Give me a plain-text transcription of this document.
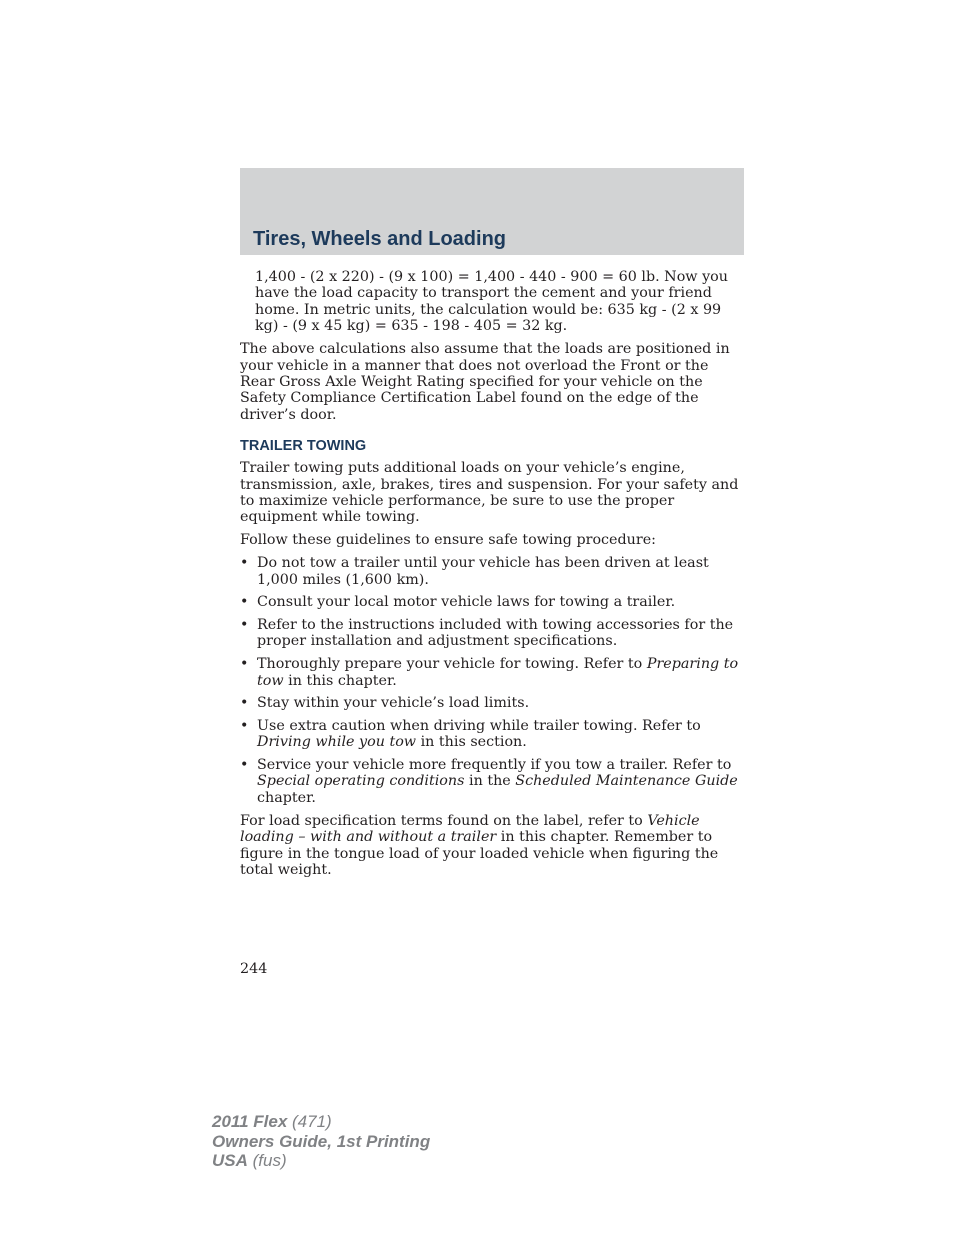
Tires, Wheels and Loading

1,400 - (2 x 220) - (9 x 100) = 1,400 - 440 - 900 = 60 lb. Now you have the load capacity to transport the cement and your friend home. In metric units, the calculation would be: 635 kg - (2 x 99 kg) - (9 x 45 kg) = 635 - 198 - 405 = 32 kg.

The above calculations also assume that the loads are positioned in your vehicle in a manner that does not overload the Front or the Rear Gross Axle Weight Rating specified for your vehicle on the Safety Compliance Certification Label found on the edge of the driver’s door.

TRAILER TOWING

Trailer towing puts additional loads on your vehicle’s engine, transmission, axle, brakes, tires and suspension. For your safety and to maximize vehicle performance, be sure to use the proper equipment while towing.

Follow these guidelines to ensure safe towing procedure:

• Do not tow a trailer until your vehicle has been driven at least 1,000 miles (1,600 km).
• Consult your local motor vehicle laws for towing a trailer.
• Refer to the instructions included with towing accessories for the proper installation and adjustment specifications.
• Thoroughly prepare your vehicle for towing. Refer to Preparing to tow in this chapter.
• Stay within your vehicle’s load limits.
• Use extra caution when driving while trailer towing. Refer to Driving while you tow in this section.
• Service your vehicle more frequently if you tow a trailer. Refer to Special operating conditions in the Scheduled Maintenance Guide chapter.

For load specification terms found on the label, refer to Vehicle loading – with and without a trailer in this chapter. Remember to figure in the tongue load of your loaded vehicle when figuring the total weight.

244
2011 Flex (471)
Owners Guide, 1st Printing
USA (fus)
